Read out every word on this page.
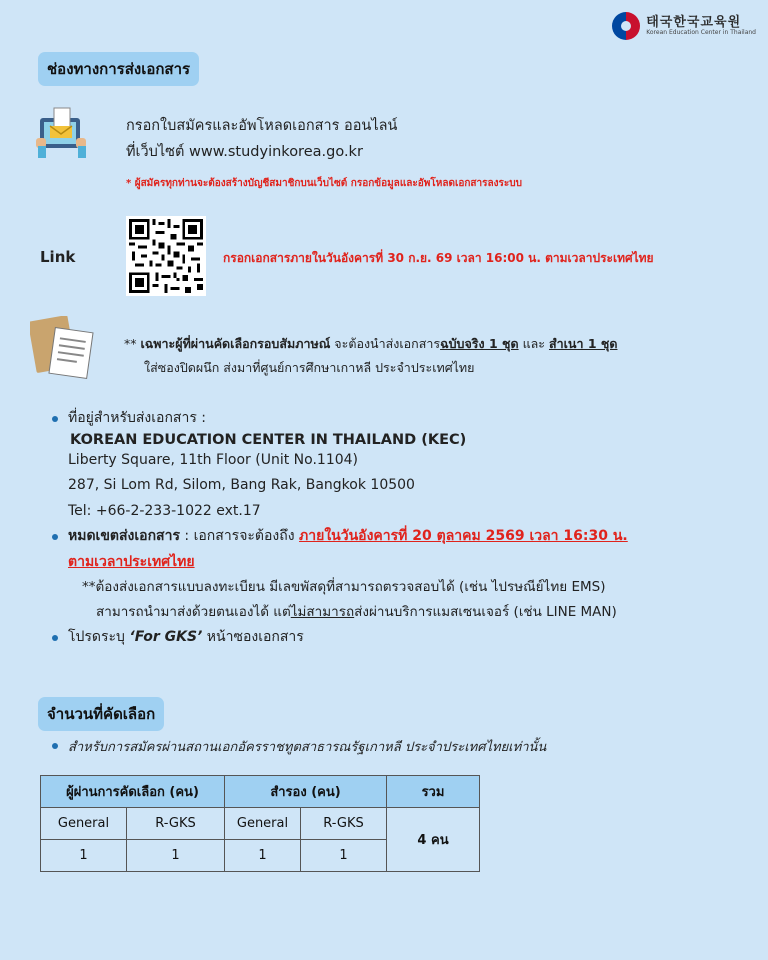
태국한국교육원
Korean Education Center in Thailand
ช่องทางการส่งเอกสาร
กรอกใบสมัครและอัพโหลดเอกสาร ออนไลน์
ที่เว็บไซต์ www.studyinkorea.go.kr
* ผู้สมัครทุกท่านจะต้องสร้างบัญชีสมาชิกบนเว็บไซต์ กรอกข้อมูลและอัพโหลดเอกสารลงระบบ
Link	กรอกเอกสารภายในวันอังคารที่ 30 ก.ย. 69 เวลา 16:00 น. ตามเวลาประเทศไทย
** เฉพาะผู้ที่ผ่านคัดเลือกรอบสัมภาษณ์ จะต้องนำส่งเอกสารฉบับจริง 1 ชุด และ สำเนา 1 ชุด
ใส่ซองปิดผนึก ส่งมาที่ศูนย์การศึกษาเกาหลี ประจำประเทศไทย
ที่อยู่สำหรับส่งเอกสาร :
KOREAN EDUCATION CENTER IN THAILAND (KEC)
Liberty Square, 11th Floor (Unit No.1104)
287, Si Lom Rd, Silom, Bang Rak, Bangkok 10500
Tel: +66-2-233-1022 ext.17
หมดเขตส่งเอกสาร : เอกสารจะต้องถึง ภายในวันอังคารที่ 20 ตุลาคม 2569 เวลา 16:30 น.
ตามเวลาประเทศไทย
**ต้องส่งเอกสารแบบลงทะเบียน มีเลขพัสดุที่สามารถตรวจสอบได้ (เช่น ไปรษณีย์ไทย EMS)
สามารถนำมาส่งด้วยตนเองได้ แต่ไม่สามารถส่งผ่านบริการแมสเซนเจอร์ (เช่น LINE MAN)
โปรดระบุ ‘For GKS’ หน้าซองเอกสาร
จำนวนที่คัดเลือก
สำหรับการสมัครผ่านสถานเอกอัครราชทูตสาธารณรัฐเกาหลี ประจำประเทศไทยเท่านั้น
ผู้ผ่านการคัดเลือก (คน)		สำรอง (คน)		รวม
General	R-GKS	General	R-GKS	4 คน
1	1	1	1	
